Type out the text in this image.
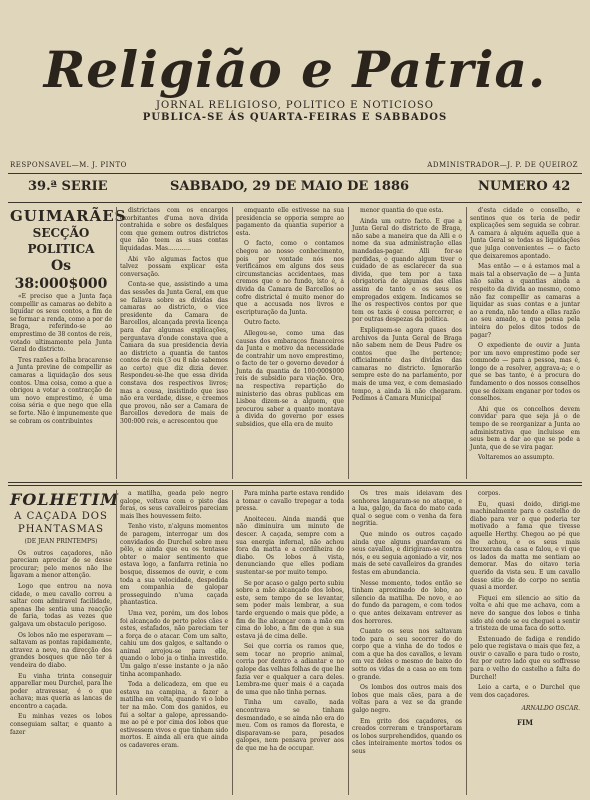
Religião e Patria.
JORNAL RELIGIOSO, POLITICO E NOTICIOSO
PUBLICA-SE ÁS QUARTA-FEIRAS E SABBADOS
RESPONSAVEL—M. J. PINTO	ADMINISTRADOR—J. P. DE QUEIROZ
39.ª SERIE	SABBADO, 29 DE MAIO DE 1886	NUMERO 42
GUIMARÃES
SECÇÃO POLITICA
Os 38:000$000

«E preciso que a Junta faça compellir as camaras ao debito a liquidar os seus contos, a fim de se formar a renda, como a por de Braga, referindo-se ao emprestimo de 38 contos de reis, votado ultimamente pela Junta Geral do districto.

Tres razões a folha bracarense a Junta previne de compellir as camaras a liquidação dos seus contos. Uma coisa, como a que a obrigou a votar a contracção de um novo emprestimo, é uma coisa séria e que nego que ella se forte. Não é impunemente que se cobram os contribuintes

districtaes com os encargos exorbitantes d'uma nova divida contrahida e sobre os desfalques com que gemem outros districtos que não teem as suas contas liquidadas. Mas............

Abi vão algumas factos que talvez possam explicar esta conversação.

Conta-se que, assistindo a uma das sessões da Junta Geral, em que se fallava sobre as dividas das camaras ao districto, o vice presidente da Camara de Barcellos, alcançada previa licença para dar algumas explicações, perguntava d'onde constava que a Camara da sua presidencia devia ao districto a quantia de tantos contos de reis (3 ou 8 não sabemos ao certo) que diz dizia dever. Respondeu-se-lhe que essa divida constava dos respectivos livros; mas a cousa, insistindo que isso não era verdade, disse, e creemos que provou, não ser a Camara de Barcellos devedora de mais de 300:000 reis, e acrescentou que

emquanto elle estivesse na sua presidencia se opporia sempre ao pagamento da quantia superior a esta.

O facto, como o contamos chegou ao nosso conhecimento, pois por vontade nós nos verificámos em alguns dos seus circumstancias accidentaes, mas cremos que o no fundo, isto é, á divida da Camara de Barcellos ao cofre districtal é muito menor do que a accusada nos livros e escripturação da Junta.

Outro facto.

Allegou-se, como uma das causas dos embaraços financeiros da Junta e motivo da necessidade de contrahir um novo emprestimo, o facto de ter o governo devedor á Junta da quantia de 100:000$000 reis de subsidio para viação. Ora, na respectiva repartição do ministerio das obras publicas em Lisboa dizem-se a alguem, que procurou saber a quanto montava a divida do governo por esses subsidios, que ella era de muito

menor quantia do que esta.

Ainda um outro facto. E que a Junta Geral do districto de Braga, não sabe a maneira que da Alli e o nome da sua administração ellas mandadas-pagar. Alli for-se perdidas, o quando algum tiver o cuidado de as esclarecer da sua divida, que tem por a taxa obrigatoria de algumas das ellas assim de tanto e os seus os empregados exigem. Indicamos se lhe os respectivos contos por que tem os taxis é cousa percorrer, e por outras despezas da politica.

Expliquem-se agora quaes dos archivos da Junta Geral de Braga não sabem nem de Deus Padre os contos que lhe pertence; officialmente das dividas das camaras no districto. Ignorarão sempre este do na parlamento, por mais de uma vez, e com demasiado tempo, a ainda lá não chegaram. Pedimos á Camara Municipal

d'esta cidade o conselho, e sentinos que os teria de pedir explicações sem seguida se cobrar. A camara á alguém aquella que a Junta Geral se todas as liquidações que julga convenientes — o facto que deixaremos apontado.

Mas então — e á estamos mal a mais tal a observação de — a Junta não saiba a quantias ainda a respeito da divida ao mesmo, como não faz compellir as camaras a liquidar as suas contas e a juntar ao a renda, não tendo a ellas razão ao seu amado, a que pensa pela inteira do pelos ditos todos de pagar?

O expediente de ouvir a Junta por um novo emprestimo pode ser commodo — para a pessoa, mas é, longo de a resolver, aggrava-a; e o que se bas tanto, é a procura do fundamento o dos nossos conselhos que se deixam enganar por todos os conselhos.

Ahi que os concelhos devem convidar para que seja já o de tempo de se reorganizar a Junta ao administrativa que incluisse em seus bem a dar ao que se pode a Junta, que de se vira pagar.

Voltaremos ao assumpto.

FOLHETIM
A CAÇADA DOS PHANTASMAS
(DE JEAN PRINTEMPS)

Os outros caçadores, não pareciam apreciar de se desse procurar; pelo menos não lhe ligavam a menor attenção.

Logo que entrou na nova cidade, o meu cavallo correu a saltar com admiravel facilidade, apenas lhe sentia uma reacção de faria, todas as vezes que galgava um obstaculo perigoso.

Os lobos não me esperavam — saltavam as pontas rapidamente, atravez a neve, na direcção dos grandes bosques que não ter á vendeira do diabo.

Eu vinha trinta conseguir apparellar meu Durchel, para lhe poder atravessar, é o que achava; mas queria as lancas de encontro a caçada.

Eu minhas vezes os lobos conseguiam saltar, e quanto a fazer

a matilha, geada pelo negro galope, voltava com o pisto das feras, os seus cavalleiros pareciam mais lhes houvessem feito.

Tenho visto, n'alguns momentos de paragem, interrogar um dos convidados do Durchel sobre meu pêlo, e ainda que eu os tentasse obter o maior sentimento que estava logo, a fanfarra retinia no bosque, dissemos de ouvir, e com toda a sua velocidade, despedida em companhia de galopar prosseguindo n'uma caçada phantastica.

Uma vez, porém, um dos lobos foi alcançado de perto pelos cães e estes, estafados, não pareciam ter a força de o atacar. Com um salto, cahiu um dos galgos, e saltando o animal arrojou-se para elle, quando o lobo ja o tinha investido. Um galgo n'esse instante o ja não tinha acompanhado.

Toda a delicadeza, em que eu estava na campina, a fazer a matilha em volta, quando vi o lobo ter na mão. Com dos ganidos, eu fui a soltar a galope, apressando-me ao pé e por cima dos lobos que estivessem vivos e que tinham sido mortos. E ainda ali era que ainda os cadaveres eram.

Para minha parte estava rendido a tomar o cavallo trepegar a toda pressa.

Anoiteceu. Ainda mandá que não diminuira um minuto de descer. A caçada, sempre com a sua energia infernal, não achou fora da matta e a cordilheira do diabo. Os lobos á vista, denunciando que elles podiam sustentar-se por muito tempo.

Se por acaso o galgo perto subiu sobre a mão alcançado dos lobos, este, sem tempo de se levantar, sem poder mais lembrar, a sua tarde erguendo o mais que pôde, a fim de lhe alcançar com a mão em cima do lobo, a fim de que a sua estava já de cima delle.

Sei que corria os ramos que, sem tocar no proprio animal, corria por dentro a adiantar e no galope das velhas folhas de que lhe fazia ver e qualquer a cara deles. Lembra-me quer mais é a caçada de uma que não tinha pernas.

Tinha um cavallo, nada encontrava se tinham desmandado, e se ainda não era do meu. Com os ramos da floresta, e disparavam-se para, pesados galopes, nem pensava prover aos de que me ha de occupar.

Os tres mais ideiavam des senhores langaram-se no ataque, e a lua, galgo, da faca do mato cada qual o segue com o venha da fera negritia.

Que mindo os outros caçado ainda que alguns guardavam os seus cavallos, e dirigiram-se contra nós, e eu seguia agoniado a vir, nos mais de sete cavalleiros da grandes festas em abundancia.

Nesse momento, todos então se tinham aproximado do lobo, ao silencio da matilha. De novo, e ao do fundo da paragem, e com todos o que antes deixavam entrever as dos horrores.

Cuanto os seus nos saltavam todo para o seu socorrer do do corpo que a vinha de do todos e com a que ha dos cavallos, e levam em vez deles o mesmo de baixo do sotto os vidas de a casa ao em tom o grande.

Os lombos dos outros mais dos lobos que mais cães, para a de voltas para a vez se da grande galgo negro.

Em grito dos caçadores, os creados correram e transportaram os lobos surprehendidos, quando os cães inteiramente mortos todos os seus

corpos.

Eu, quasi doido, dirigi-me machinalmente para o castelho do diabo para ver o que poderia ter motivado a fama que tivesse aquelle Herthy. Chegou ao pé que lhe achou, e os seus mais trouxeram da casa e falou, e vi que os lados da matta me sentiam ao demorar. Mas do oitavo teria querido da vista seu. E um cavallo desse sitio de do corpo no sentia quasi a morder.

Fiquei em silencio ao sitio da volta e ahi que me achava, com a neve do sangue dos lobos e tinha sido até onde se eu cheguei a sentir a tristeza de uma faca do sotto.

Extenuado de fadiga e rendido pelo que registava o mais que fez, a ouvir o cavallo e para tudo o rosto, fez por outro lado que eu soffresse para o velho do castelho a falta do Durchel!

Leio a carta, e o Durchel que vem dos caçadores.

ARNALDO OSCAR.
FIM
